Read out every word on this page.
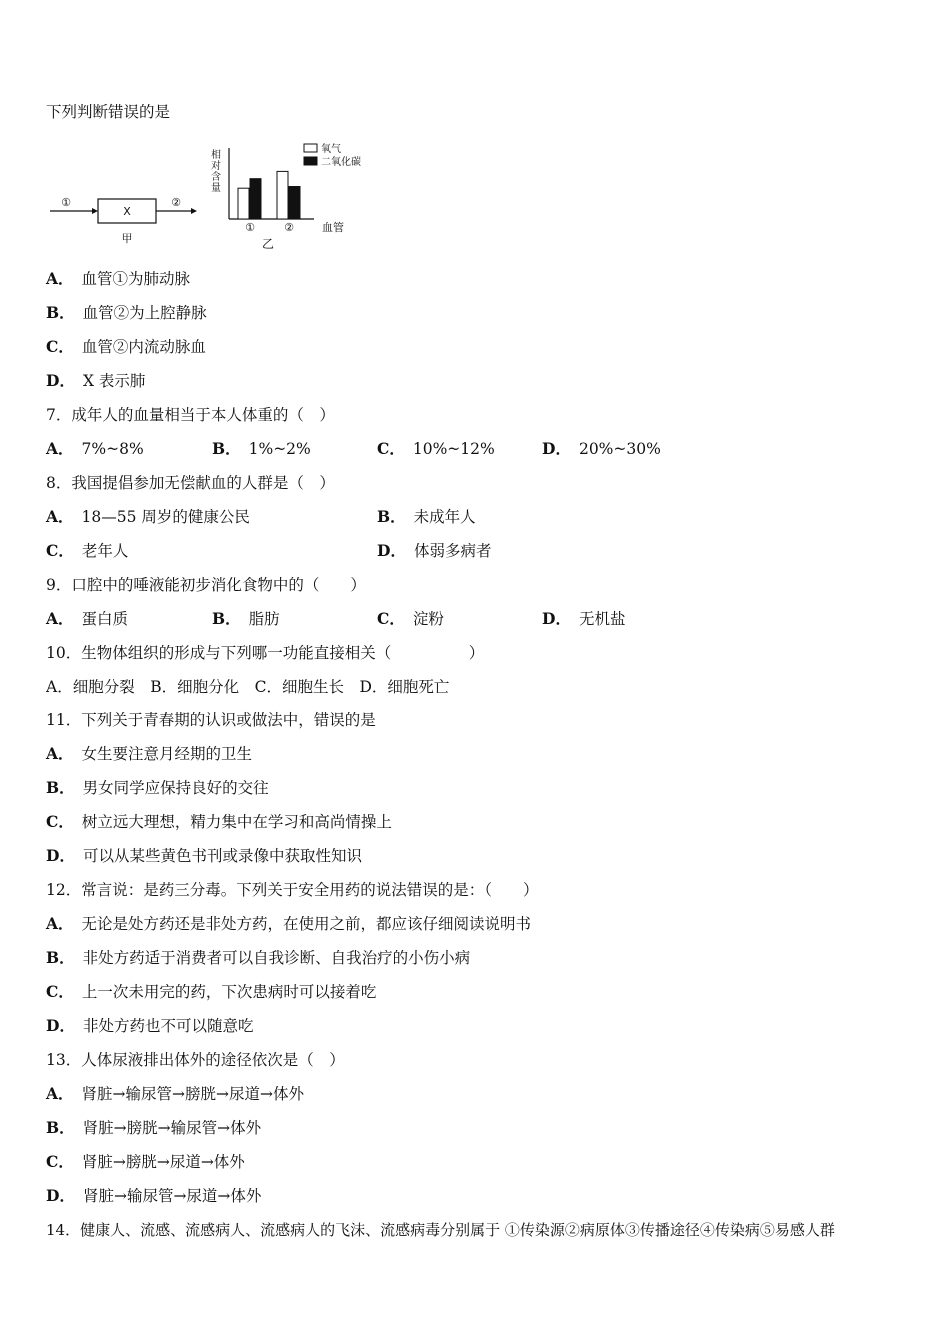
下列判断错误的是
①
X
②
甲
相
对
含
量
氧气
二氧化碳
①	②	血管
乙
A． 血管①为肺动脉
B． 血管②为上腔静脉
C． 血管②内流动脉血
D． X 表示肺
7．成年人的血量相当于本人体重的（　）
A． 7%~8%	B． 1%~2%	C． 10%~12%	D． 20%~30%
8．我国提倡参加无偿献血的人群是（　）
A． 18—55 周岁的健康公民	B． 未成年人
C． 老年人	D． 体弱多病者
9．口腔中的唾液能初步消化食物中的（　　）
A． 蛋白质	B． 脂肪	C． 淀粉	D． 无机盐
10．生物体组织的形成与下列哪一功能直接相关（　　　　　）
A．细胞分裂　B．细胞分化　C．细胞生长　D．细胞死亡
11．下列关于青春期的认识或做法中，错误的是
A． 女生要注意月经期的卫生
B． 男女同学应保持良好的交往
C． 树立远大理想，精力集中在学习和高尚情操上
D． 可以从某些黄色书刊或录像中获取性知识
12．常言说：是药三分毒。下列关于安全用药的说法错误的是：（　　）
A． 无论是处方药还是非处方药，在使用之前，都应该仔细阅读说明书
B． 非处方药适于消费者可以自我诊断、自我治疗的小伤小病
C． 上一次未用完的药，下次患病时可以接着吃
D． 非处方药也不可以随意吃
13．人体尿液排出体外的途径依次是（　）
A． 肾脏→输尿管→膀胱→尿道→体外
B． 肾脏→膀胱→输尿管→体外
C． 肾脏→膀胱→尿道→体外
D． 肾脏→输尿管→尿道→体外
14．健康人、流感、流感病人、流感病人的飞沫、流感病毒分别属于 ①传染源②病原体③传播途径④传染病⑤易感人群
